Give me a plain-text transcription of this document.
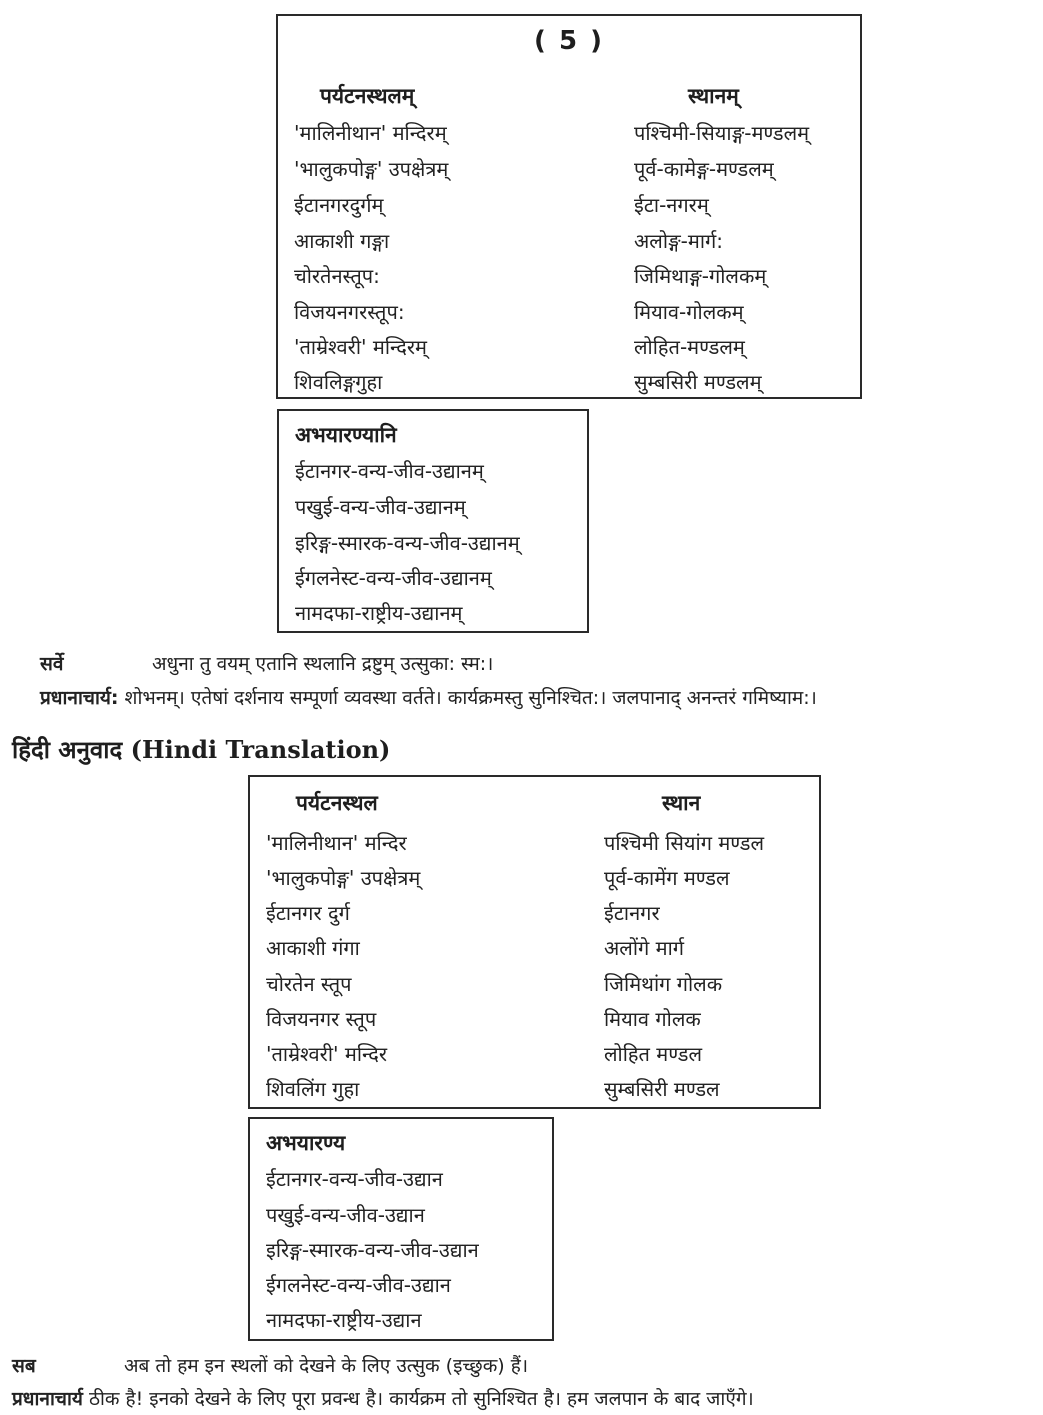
( 5 )
पर्यटनस्थलम्	स्थानम्
'मालिनीथान' मन्दिरम्	पश्चिमी-सियाङ्ग-मण्डलम्
'भालुकपोङ्ग' उपक्षेत्रम्	पूर्व-कामेङ्ग-मण्डलम्
ईटानगरदुर्गम्	ईटा-नगरम्
आकाशी गङ्गा	अलोङ्ग-मार्ग:
चोरतेनस्तूप:	जिमिथाङ्ग-गोलकम्
विजयनगरस्तूप:	मियाव-गोलकम्
'ताम्रेश्वरी' मन्दिरम्	लोहित-मण्डलम्
शिवलिङ्गगुहा	सुम्बसिरी मण्डलम्
अभयारण्यानि
ईटानगर-वन्य-जीव-उद्यानम्
पखुई-वन्य-जीव-उद्यानम्
इरिङ्ग-स्मारक-वन्य-जीव-उद्यानम्
ईगलनेस्ट-वन्य-जीव-उद्यानम्
नामदफा-राष्ट्रीय-उद्यानम्
सर्वे	अधुना तु वयम् एतानि स्थलानि द्रष्टुम् उत्सुका: स्म:।
प्रधानाचार्य: शोभनम्। एतेषां दर्शनाय सम्पूर्णा व्यवस्था वर्तते। कार्यक्रमस्तु सुनिश्चित:। जलपानाद् अनन्तरं गमिष्याम:।
हिंदी अनुवाद (Hindi Translation)
पर्यटनस्थल	स्थान
'मालिनीथान' मन्दिर	पश्चिमी सियांग मण्डल
'भालुकपोङ्ग' उपक्षेत्रम्	पूर्व-कामेंग मण्डल
ईटानगर दुर्ग	ईटानगर
आकाशी गंगा	अलोंगे मार्ग
चोरतेन स्तूप	जिमिथांग गोलक
विजयनगर स्तूप	मियाव गोलक
'ताम्रेश्वरी' मन्दिर	लोहित मण्डल
शिवलिंग गुहा	सुम्बसिरी मण्डल
अभयारण्य
ईटानगर-वन्य-जीव-उद्यान
पखुई-वन्य-जीव-उद्यान
इरिङ्ग-स्मारक-वन्य-जीव-उद्यान
ईगलनेस्ट-वन्य-जीव-उद्यान
नामदफा-राष्ट्रीय-उद्यान
सब	अब तो हम इन स्थलों को देखने के लिए उत्सुक (इच्छुक) हैं।
प्रधानाचार्य ठीक है! इनको देखने के लिए पूरा प्रवन्ध है। कार्यक्रम तो सुनिश्चित है। हम जलपान के बाद जाएँगे।
